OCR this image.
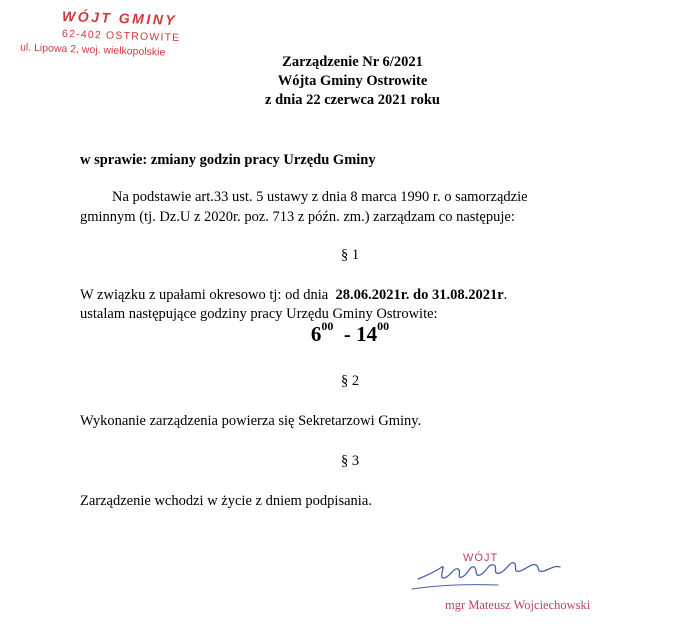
WÓJT GMINY
62-402 OSTROWITE
ul. Lipowa 2, woj. wielkopolskie
Zarządzenie Nr 6/2021
Wójta Gminy Ostrowite
z dnia 22 czerwca 2021 roku
w sprawie: zmiany godzin pracy Urzędu Gminy
Na podstawie art.33 ust. 5 ustawy z dnia 8 marca 1990 r. o samorządzie
gminnym (tj. Dz.U z 2020r. poz. 713 z późn. zm.) zarządzam co następuje:
§ 1
W związku z upałami okresowo tj: od dnia 28.06.2021r. do 31.08.2021r.
ustalam następujące godziny pracy Urzędu Gminy Ostrowite:
$6^{00} - 14^{00}$
§ 2
Wykonanie zarządzenia powierza się Sekretarzowi Gminy.
§ 3
Zarządzenie wchodzi w życie z dniem podpisania.
WÓJT
mgr Mateusz Wojciechowski
